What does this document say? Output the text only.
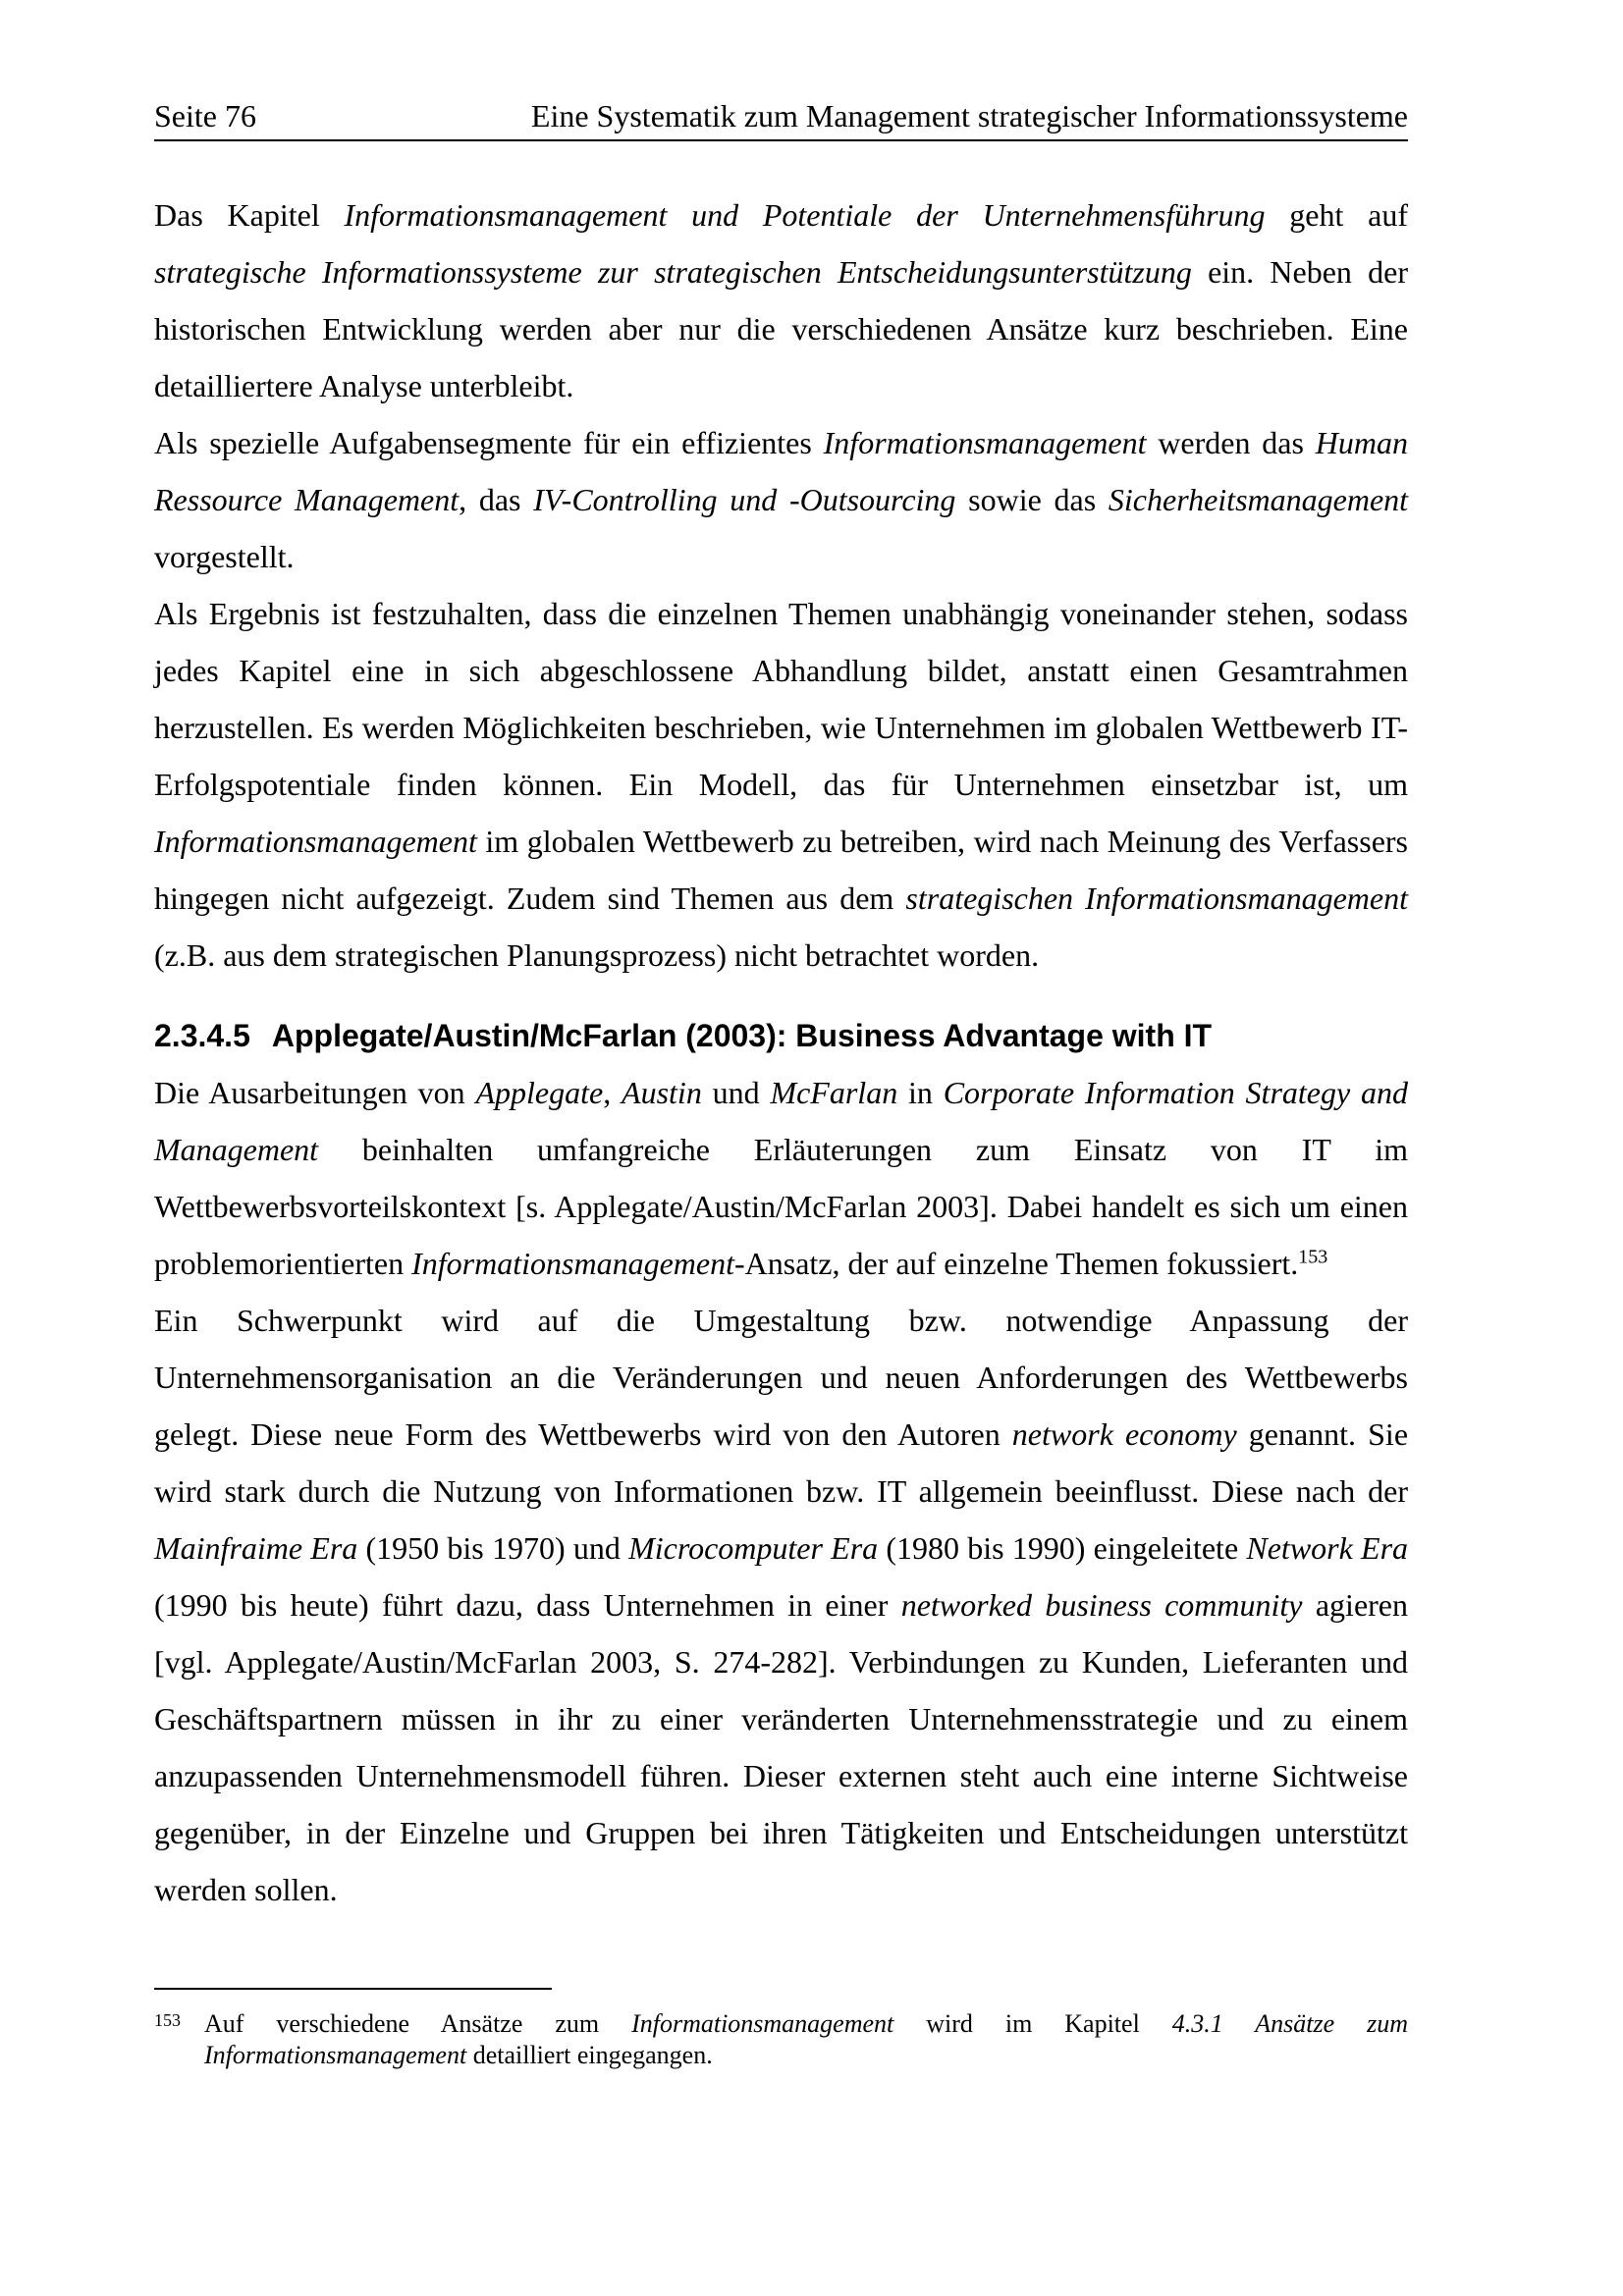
Seite 76	Eine Systematik zum Management strategischer Informationssysteme

Das Kapitel Informationsmanagement und Potentiale der Unternehmensführung geht auf strategische Informationssysteme zur strategischen Entscheidungsunterstützung ein. Neben der historischen Entwicklung werden aber nur die verschiedenen Ansätze kurz beschrieben. Eine detailliertere Analyse unterbleibt.

Als spezielle Aufgabensegmente für ein effizientes Informationsmanagement werden das Human Ressource Management, das IV-Controlling und -Outsourcing sowie das Sicherheitsmanagement vorgestellt.

Als Ergebnis ist festzuhalten, dass die einzelnen Themen unabhängig voneinander stehen, sodass jedes Kapitel eine in sich abgeschlossene Abhandlung bildet, anstatt einen Gesamtrahmen herzustellen. Es werden Möglichkeiten beschrieben, wie Unternehmen im globalen Wettbewerb IT-Erfolgspotentiale finden können. Ein Modell, das für Unternehmen einsetzbar ist, um Informationsmanagement im globalen Wettbewerb zu betreiben, wird nach Meinung des Verfassers hingegen nicht aufgezeigt. Zudem sind Themen aus dem strategischen Informationsmanagement (z.B. aus dem strategischen Planungsprozess) nicht betrachtet worden.

2.3.4.5 Applegate/Austin/McFarlan (2003): Business Advantage with IT

Die Ausarbeitungen von Applegate, Austin und McFarlan in Corporate Information Strategy and Management beinhalten umfangreiche Erläuterungen zum Einsatz von IT im Wettbewerbsvorteilskontext [s. Applegate/Austin/McFarlan 2003]. Dabei handelt es sich um einen problemorientierten Informationsmanagement-Ansatz, der auf einzelne Themen fokussiert.$^{153}$

Ein Schwerpunkt wird auf die Umgestaltung bzw. notwendige Anpassung der Unternehmensorganisation an die Veränderungen und neuen Anforderungen des Wettbewerbs gelegt. Diese neue Form des Wettbewerbs wird von den Autoren network economy genannt. Sie wird stark durch die Nutzung von Informationen bzw. IT allgemein beeinflusst. Diese nach der Mainfraime Era (1950 bis 1970) und Microcomputer Era (1980 bis 1990) eingeleitete Network Era (1990 bis heute) führt dazu, dass Unternehmen in einer networked business community agieren [vgl. Applegate/Austin/McFarlan 2003, S. 274-282]. Verbindungen zu Kunden, Lieferanten und Geschäftspartnern müssen in ihr zu einer veränderten Unternehmensstrategie und zu einem anzupassenden Unternehmensmodell führen. Dieser externen steht auch eine interne Sichtweise gegenüber, in der Einzelne und Gruppen bei ihren Tätigkeiten und Entscheidungen unterstützt werden sollen.

153 Auf verschiedene Ansätze zum Informationsmanagement wird im Kapitel 4.3.1 Ansätze zum Informationsmanagement detailliert eingegangen.
